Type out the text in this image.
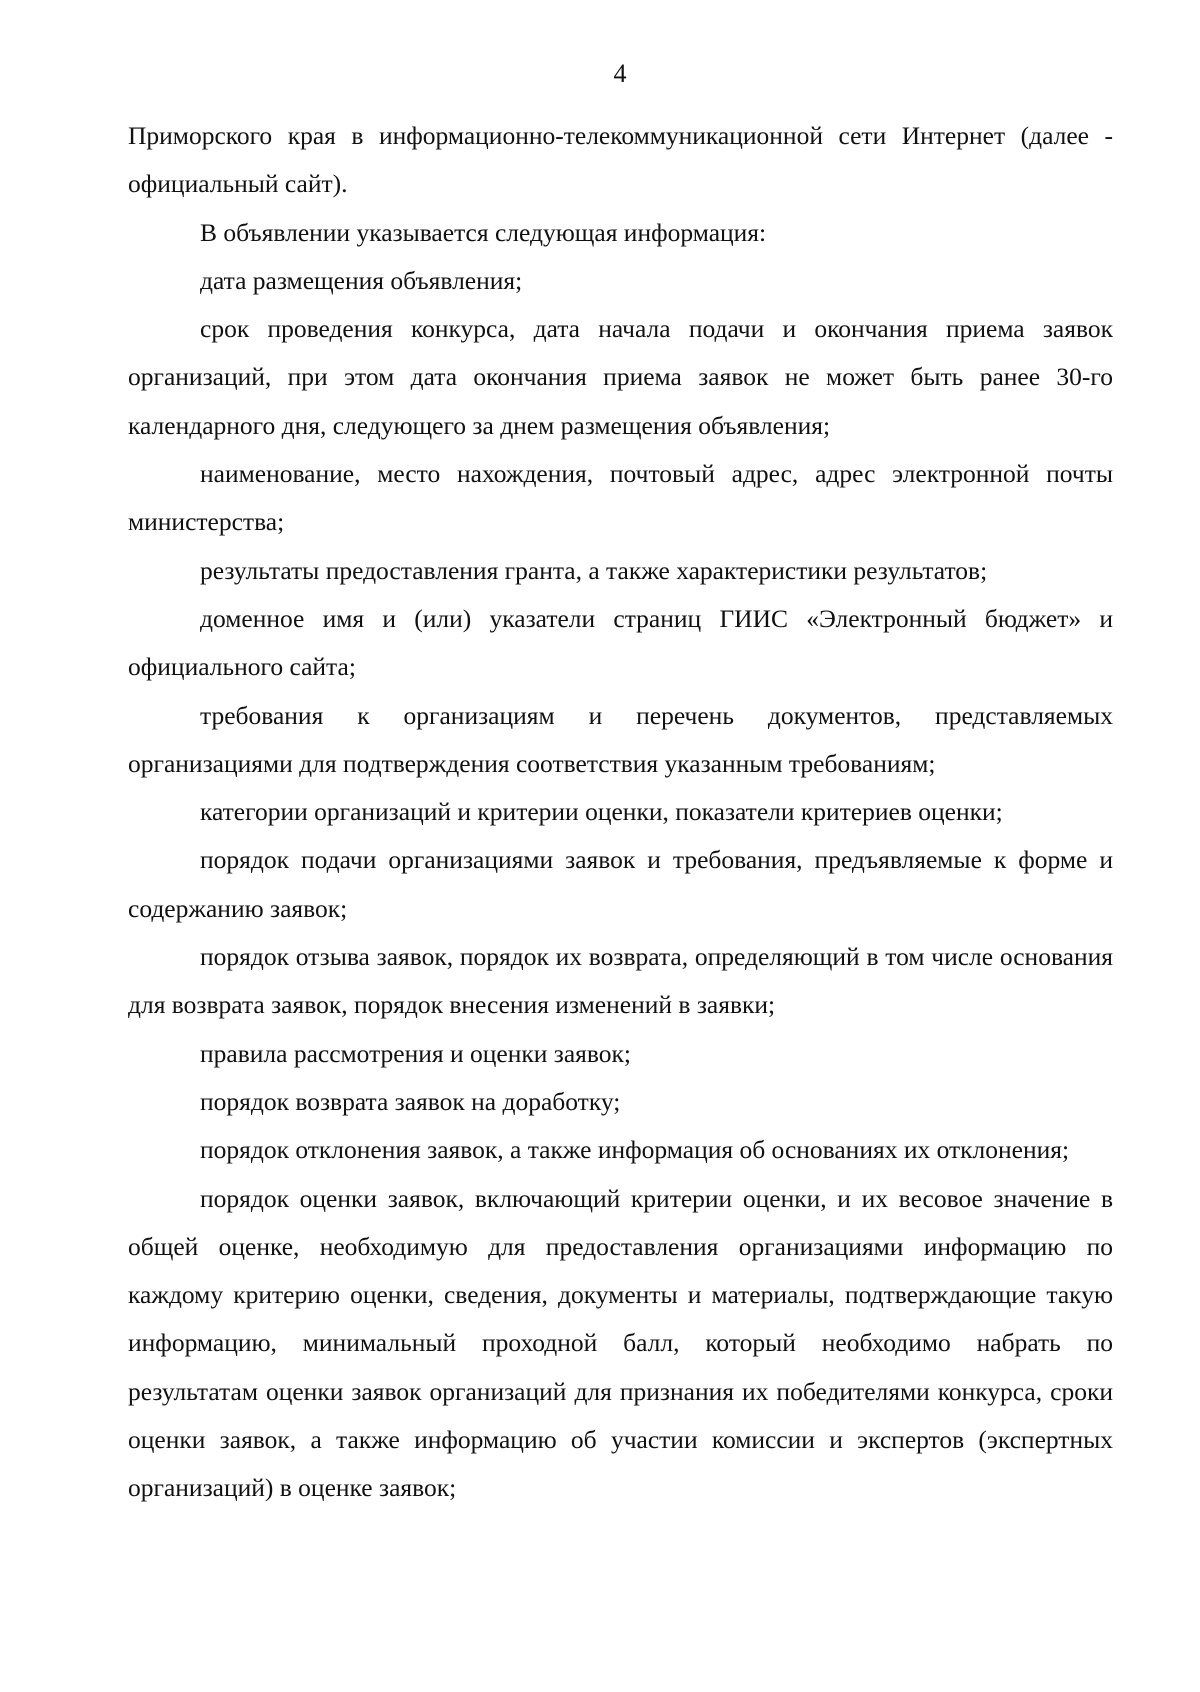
4

Приморского края в информационно-телекоммуникационной сети Интернет (далее - официальный сайт).

В объявлении указывается следующая информация:

дата размещения объявления;

срок проведения конкурса, дата начала подачи и окончания приема заявок организаций, при этом дата окончания приема заявок не может быть ранее 30-го календарного дня, следующего за днем размещения объявления;

наименование, место нахождения, почтовый адрес, адрес электронной почты министерства;

результаты предоставления гранта, а также характеристики результатов;

доменное имя и (или) указатели страниц ГИИС «Электронный бюджет» и официального сайта;

требования к организациям и перечень документов, представляемых организациями для подтверждения соответствия указанным требованиям;

категории организаций и критерии оценки, показатели критериев оценки;

порядок подачи организациями заявок и требования, предъявляемые к форме и содержанию заявок;

порядок отзыва заявок, порядок их возврата, определяющий в том числе основания для возврата заявок, порядок внесения изменений в заявки;

правила рассмотрения и оценки заявок;

порядок возврата заявок на доработку;

порядок отклонения заявок, а также информация об основаниях их отклонения;

порядок оценки заявок, включающий критерии оценки, и их весовое значение в общей оценке, необходимую для предоставления организациями информацию по каждому критерию оценки, сведения, документы и материалы, подтверждающие такую информацию, минимальный проходной балл, который необходимо набрать по результатам оценки заявок организаций для признания их победителями конкурса, сроки оценки заявок, а также информацию об участии комиссии и экспертов (экспертных организаций) в оценке заявок;
